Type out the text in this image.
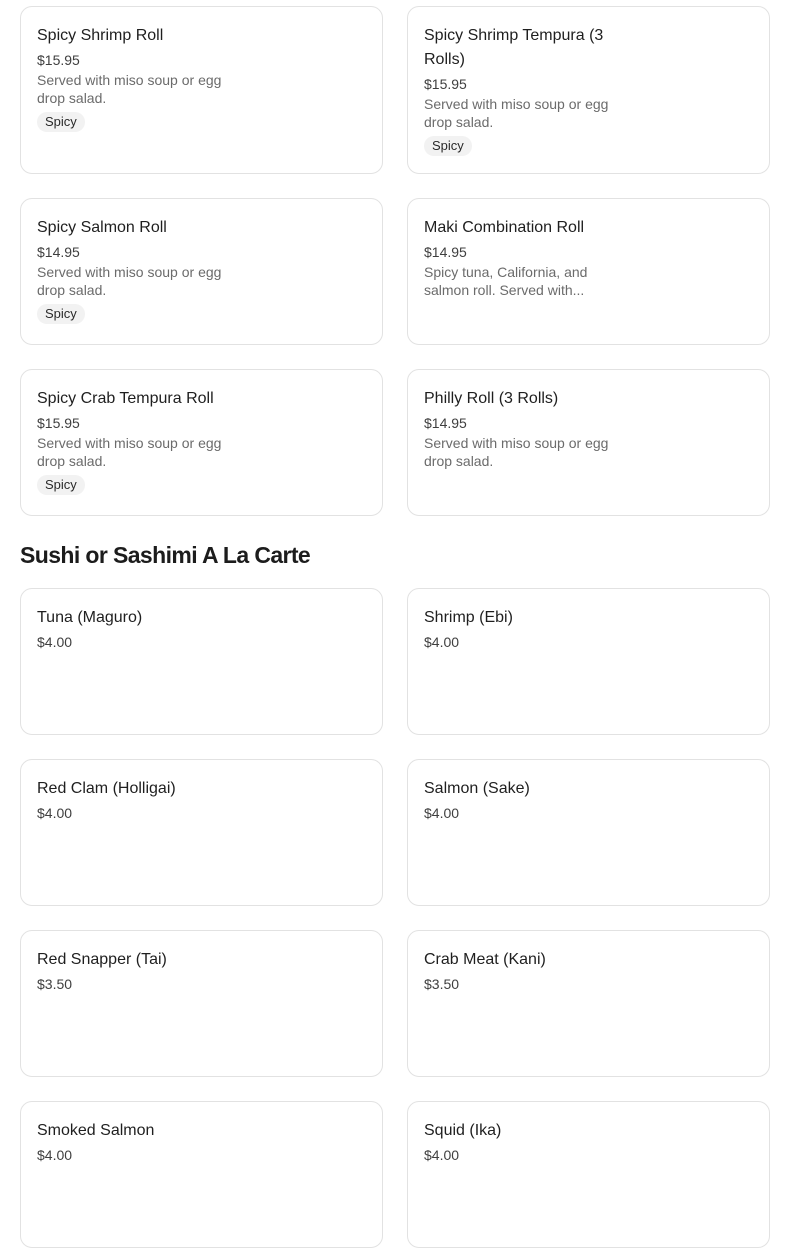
Spicy Shrimp Roll
$15.95
Served with miso soup or egg drop salad.
Spicy
Spicy Shrimp Tempura (3 Rolls)
$15.95
Served with miso soup or egg drop salad.
Spicy
Spicy Salmon Roll
$14.95
Served with miso soup or egg drop salad.
Spicy
Maki Combination Roll
$14.95
Spicy tuna, California, and salmon roll. Served with...
Spicy Crab Tempura Roll
$15.95
Served with miso soup or egg drop salad.
Spicy
Philly Roll (3 Rolls)
$14.95
Served with miso soup or egg drop salad.
Sushi or Sashimi A La Carte
Tuna (Maguro)
$4.00
Shrimp (Ebi)
$4.00
Red Clam (Holligai)
$4.00
Salmon (Sake)
$4.00
Red Snapper (Tai)
$3.50
Crab Meat (Kani)
$3.50
Smoked Salmon
$4.00
Squid (Ika)
$4.00
